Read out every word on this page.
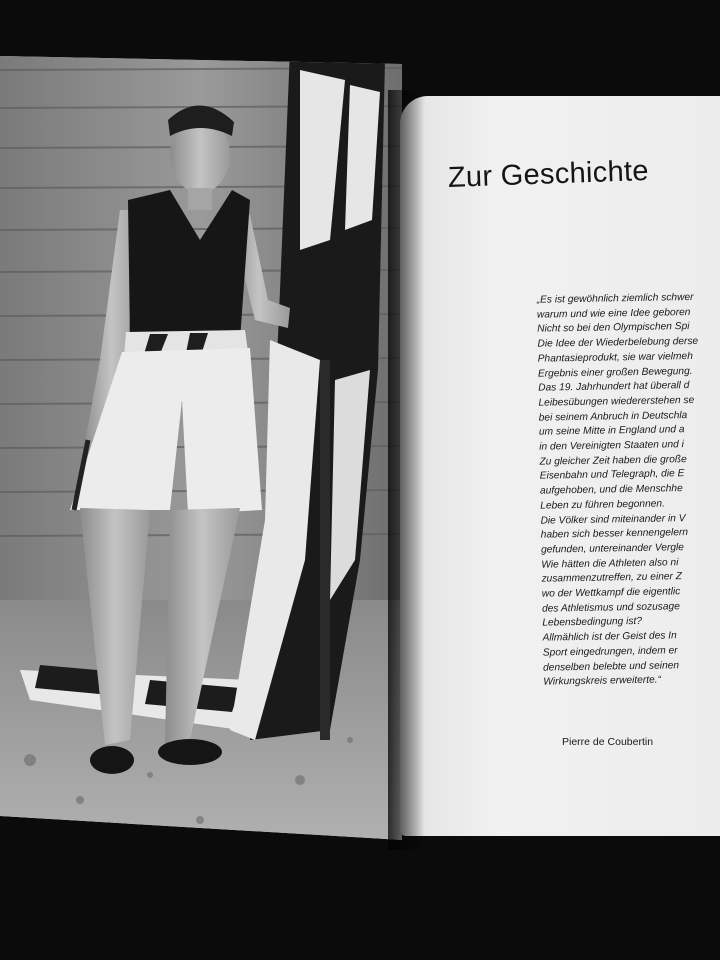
Zur Geschichte
„Es ist gewöhnlich ziemlich schwer
warum und wie eine Idee geboren
Nicht so bei den Olympischen Spi
Die Idee der Wiederbelebung derse
Phantasieprodukt, sie war vielmeh
Ergebnis einer großen Bewegung.
Das 19. Jahrhundert hat überall d
Leibesübungen wiedererstehen se
bei seinem Anbruch in Deutschla
um seine Mitte in England und a
in den Vereinigten Staaten und i
Zu gleicher Zeit haben die große
Eisenbahn und Telegraph, die E
aufgehoben, und die Menschhe
Leben zu führen begonnen.
Die Völker sind miteinander in V
haben sich besser kennengelern
gefunden, untereinander Vergle
Wie hätten die Athleten also ni
zusammenzutreffen, zu einer Z
wo der Wettkampf die eigentlic
des Athletismus und sozusage
Lebensbedingung ist?
Allmählich ist der Geist des In
Sport eingedrungen, indem er
denselben belebte und seinen
Wirkungskreis erweiterte.“
Pierre de Coubertin
